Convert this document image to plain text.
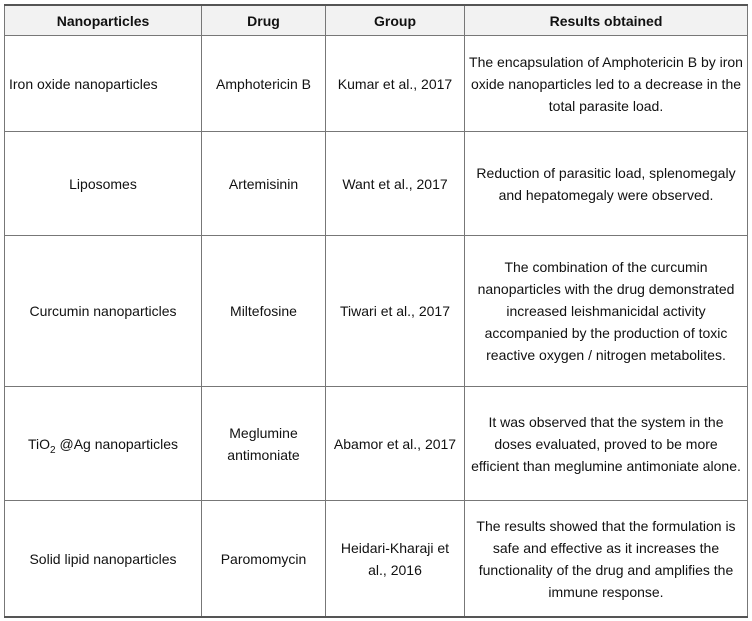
Nanoparticles	Drug	Group	Results obtained
Iron oxide nanoparticles	Amphotericin B	Kumar et al., 2017	The encapsulation of Amphotericin B by iron oxide nanoparticles led to a decrease in the total parasite load.
Liposomes	Artemisinin	Want et al., 2017	Reduction of parasitic load, splenomegaly and hepatomegaly were observed.
Curcumin nanoparticles	Miltefosine	Tiwari et al., 2017	The combination of the curcumin nanoparticles with the drug demonstrated increased leishmanicidal activity accompanied by the production of toxic reactive oxygen / nitrogen metabolites.
TiO$_2$ @Ag nanoparticles	Meglumine antimoniate	Abamor et al., 2017	It was observed that the system in the doses evaluated, proved to be more efficient than meglumine antimoniate alone.
Solid lipid nanoparticles	Paromomycin	Heidari-Kharaji et al., 2016	The results showed that the formulation is safe and effective as it increases the functionality of the drug and amplifies the immune response.
